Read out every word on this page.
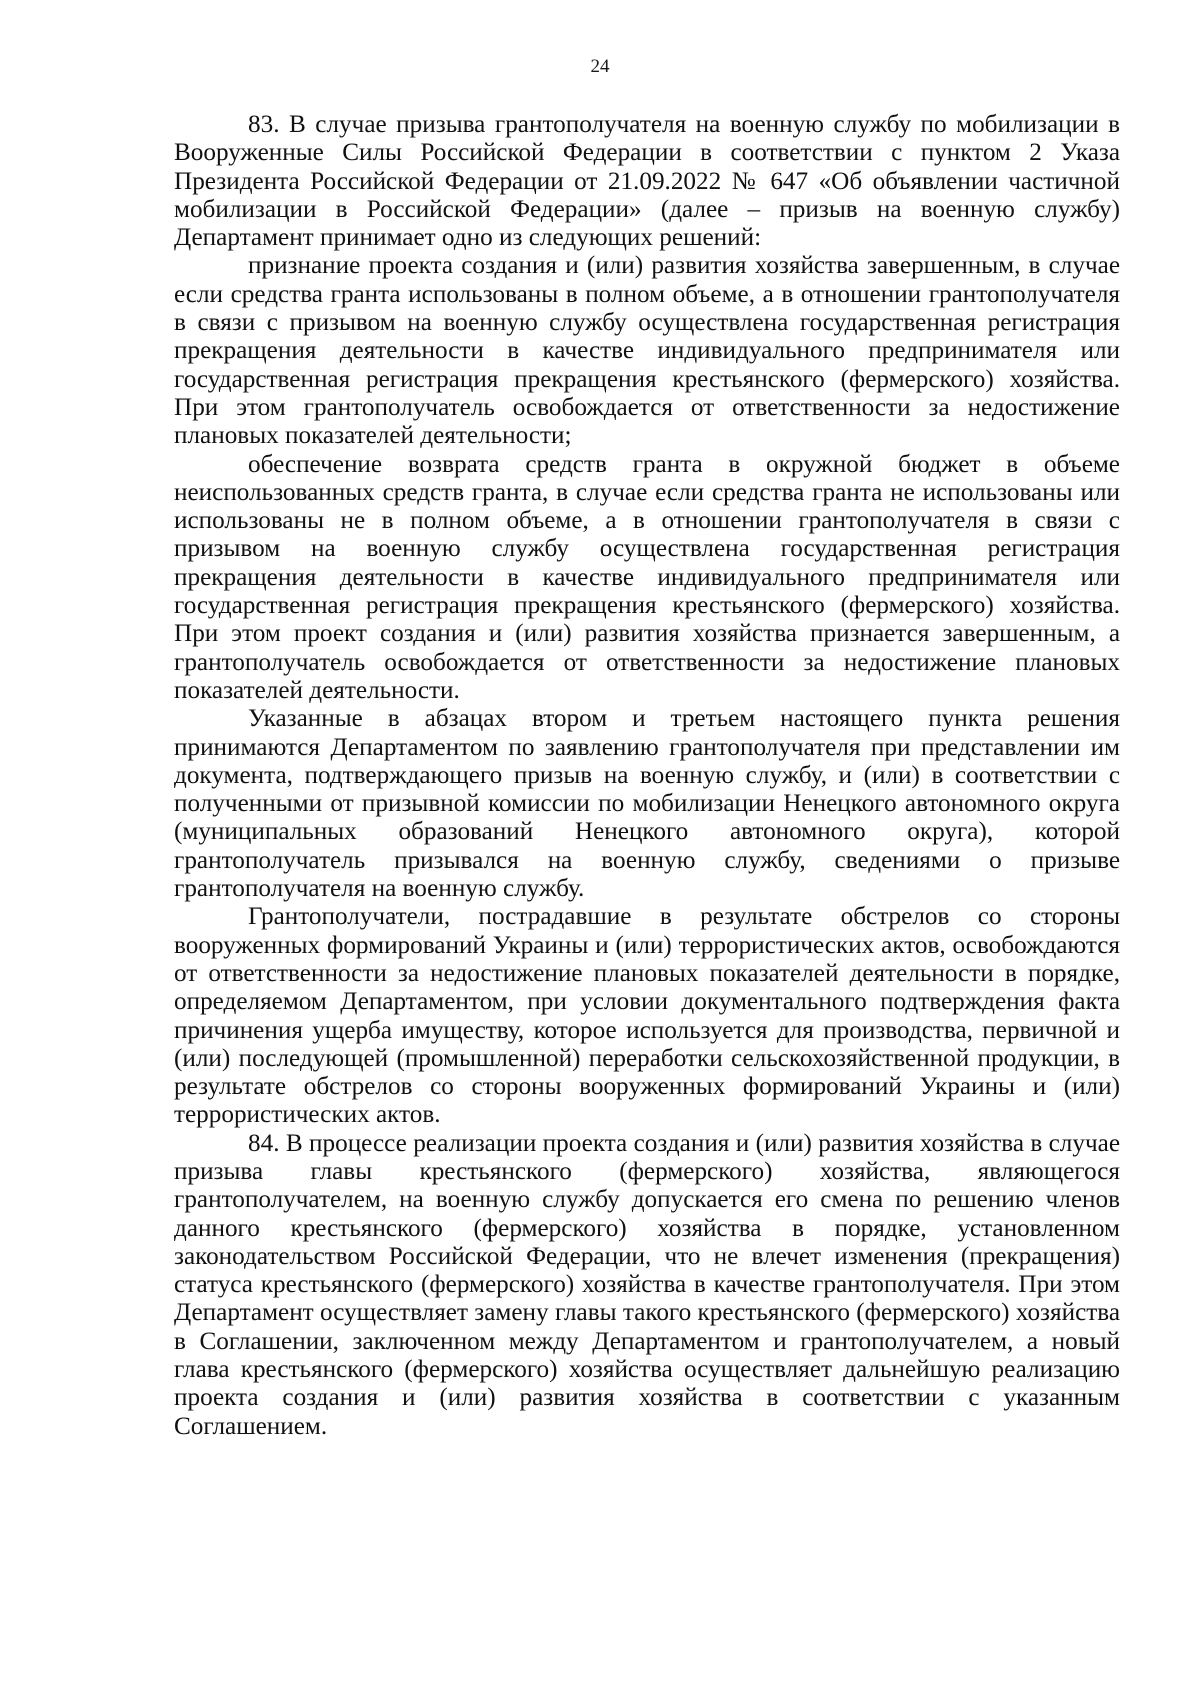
24

83. В случае призыва грантополучателя на военную службу по мобилизации в Вооруженные Силы Российской Федерации в соответствии с пунктом 2 Указа Президента Российской Федерации от 21.09.2022 № 647 «Об объявлении частичной мобилизации в Российской Федерации» (далее – призыв на военную службу) Департамент принимает одно из следующих решений:

признание проекта создания и (или) развития хозяйства завершенным, в случае если средства гранта использованы в полном объеме, а в отношении грантополучателя в связи с призывом на военную службу осуществлена государственная регистрация прекращения деятельности в качестве индивидуального предпринимателя или государственная регистрация прекращения крестьянского (фермерского) хозяйства. При этом грантополучатель освобождается от ответственности за недостижение плановых показателей деятельности;

обеспечение возврата средств гранта в окружной бюджет в объеме неиспользованных средств гранта, в случае если средства гранта не использованы или использованы не в полном объеме, а в отношении грантополучателя в связи с призывом на военную службу осуществлена государственная регистрация прекращения деятельности в качестве индивидуального предпринимателя или государственная регистрация прекращения крестьянского (фермерского) хозяйства. При этом проект создания и (или) развития хозяйства признается завершенным, а грантополучатель освобождается от ответственности за недостижение плановых показателей деятельности.

Указанные в абзацах втором и третьем настоящего пункта решения принимаются Департаментом по заявлению грантополучателя при представлении им документа, подтверждающего призыв на военную службу, и (или) в соответствии с полученными от призывной комиссии по мобилизации Ненецкого автономного округа (муниципальных образований Ненецкого автономного округа), которой грантополучатель призывался на военную службу, сведениями о призыве грантополучателя на военную службу.

Грантополучатели, пострадавшие в результате обстрелов со стороны вооруженных формирований Украины и (или) террористических актов, освобождаются от ответственности за недостижение плановых показателей деятельности в порядке, определяемом Департаментом, при условии документального подтверждения факта причинения ущерба имуществу, которое используется для производства, первичной и (или) последующей (промышленной) переработки сельскохозяйственной продукции, в результате обстрелов со стороны вооруженных формирований Украины и (или) террористических актов.

84. В процессе реализации проекта создания и (или) развития хозяйства в случае призыва главы крестьянского (фермерского) хозяйства, являющегося грантополучателем, на военную службу допускается его смена по решению членов данного крестьянского (фермерского) хозяйства в порядке, установленном законодательством Российской Федерации, что не влечет изменения (прекращения) статуса крестьянского (фермерского) хозяйства в качестве грантополучателя. При этом Департамент осуществляет замену главы такого крестьянского (фермерского) хозяйства в Соглашении, заключенном между Департаментом и грантополучателем, а новый глава крестьянского (фермерского) хозяйства осуществляет дальнейшую реализацию проекта создания и (или) развития хозяйства в соответствии с указанным Соглашением.
